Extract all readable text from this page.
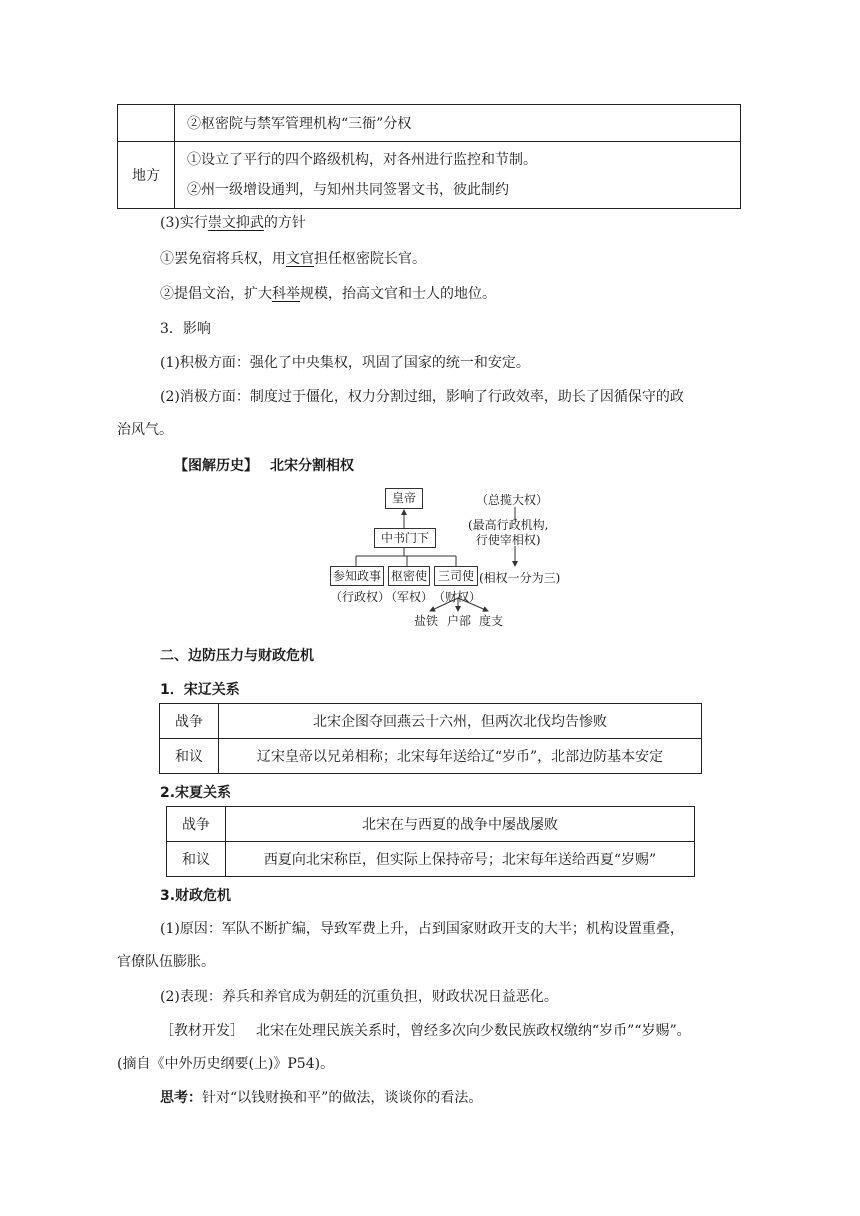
	②枢密院与禁军管理机构“三衙”分权
地方	①设立了平行的四个路级机构，对各州进行监控和节制。
②州一级增设通判，与知州共同签署文书，彼此制约
(3)实行崇文抑武的方针
①罢免宿将兵权，用文官担任枢密院长官。
②提倡文治，扩大科举规模，抬高文官和士人的地位。
3．影响
(1)积极方面：强化了中央集权，巩固了国家的统一和安定。
(2)消极方面：制度过于僵化，权力分割过细，影响了行政效率，助长了因循保守的政
治风气。
【图解历史】 北宋分割相权
皇帝	（总揽大权）
中书门下
(最高行政机构,
行使宰相权)
参知政事 枢密使 三司使 (相权一分为三)
（行政权）
（军权） （财权）
盐铁 户部 度支
二、边防压力与财政危机
1．宋辽关系
战争	北宋企图夺回燕云十六州，但两次北伐均告惨败
和议	辽宋皇帝以兄弟相称；北宋每年送给辽“岁币”，北部边防基本安定
2.宋夏关系
战争	北宋在与西夏的战争中屡战屡败
和议	西夏向北宋称臣，但实际上保持帝号；北宋每年送给西夏“岁赐”
3.财政危机
(1)原因：军队不断扩编，导致军费上升，占到国家财政开支的大半；机构设置重叠，
官僚队伍膨胀。
(2)表现：养兵和养官成为朝廷的沉重负担，财政状况日益恶化。
［教材开发］ 北宋在处理民族关系时，曾经多次向少数民族政权缴纳“岁币”“岁赐”。
(摘自《中外历史纲要(上)》P54)。
思考：针对“以钱财换和平”的做法，谈谈你的看法。
